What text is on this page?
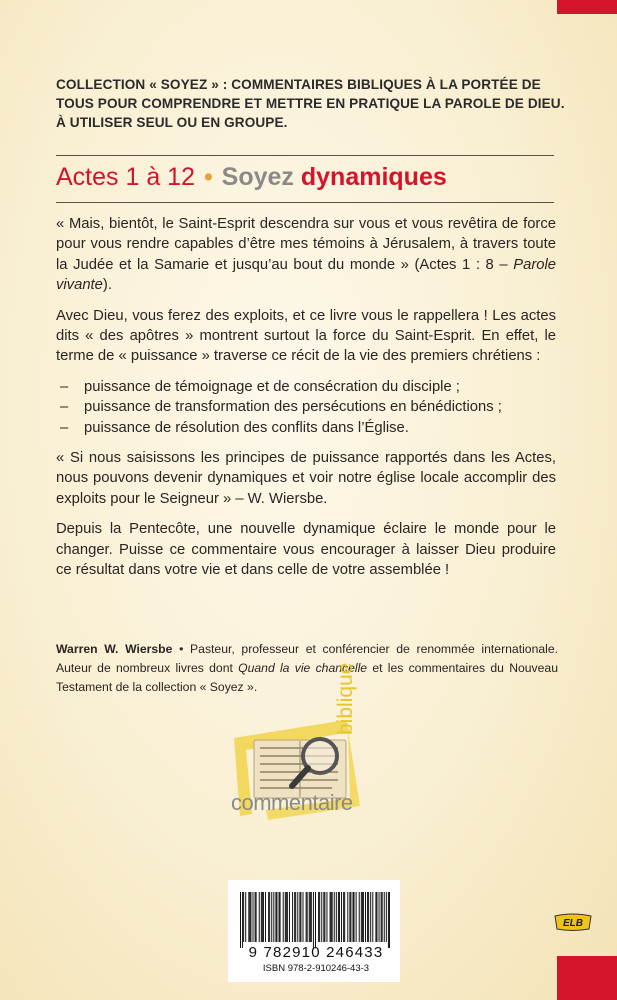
COLLECTION « SOYEZ » : COMMENTAIRES BIBLIQUES À LA PORTÉE DE TOUS POUR COMPRENDRE ET METTRE EN PRATIQUE LA PAROLE DE DIEU. À UTILISER SEUL OU EN GROUPE.
Actes 1 à 12 • Soyez dynamiques

« Mais, bientôt, le Saint-Esprit descendra sur vous et vous revêtira de force pour vous rendre capables d’être mes témoins à Jérusalem, à travers toute la Judée et la Samarie et jusqu’au bout du monde » (Actes 1 : 8 – Parole vivante).

Avec Dieu, vous ferez des exploits, et ce livre vous le rappellera ! Les actes dits « des apôtres » montrent surtout la force du Saint-Esprit. En effet, le terme de « puissance » traverse ce récit de la vie des premiers chrétiens :

– puissance de témoignage et de consécration du disciple ;
– puissance de transformation des persécutions en bénédictions ;
– puissance de résolution des conflits dans l’Église.

« Si nous saisissons les principes de puissance rapportés dans les Actes, nous pouvons devenir dynamiques et voir notre église locale accomplir des exploits pour le Seigneur » – W. Wiersbe.

Depuis la Pentecôte, une nouvelle dynamique éclaire le monde pour le changer. Puisse ce commentaire vous encourager à laisser Dieu produire ce résultat dans votre vie et dans celle de votre assemblée !

Warren W. Wiersbe • Pasteur, professeur et conférencier de renommée internationale. Auteur de nombreux livres dont Quand la vie chancelle et les commentaires du Nouveau Testament de la collection « Soyez ».
commentaire
biblique
9 782910 246433
ISBN 978-2-910246-43-3
ELB
